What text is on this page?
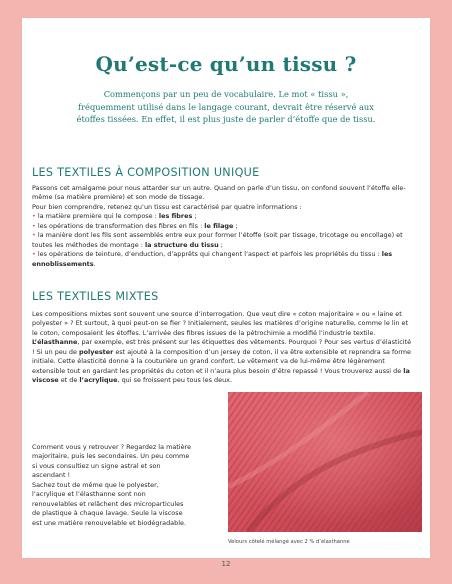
Qu’est-ce qu’un tissu ?
Commençons par un peu de vocabulaire. Le mot « tissu »,
fréquemment utilisé dans le langage courant, devrait être réservé aux
étoffes tissées. En effet, il est plus juste de parler d’étoffe que de tissu.
LES TEXTILES À COMPOSITION UNIQUE

Passons cet amalgame pour nous attarder sur un autre. Quand on parle d’un tissu, on confond souvent l’étoffe elle-même (sa matière première) et son mode de tissage.

Pour bien comprendre, retenez qu’un tissu est caractérisé par quatre informations :

• la matière première qui le compose : les fibres ;

• les opérations de transformation des fibres en fils : le filage ;

• la manière dont les fils sont assemblés entre eux pour former l’étoffe (soit par tissage, tricotage ou encollage) et toutes les méthodes de montage : la structure du tissu ;

• les opérations de teinture, d’enduction, d’apprêts qui changent l’aspect et parfois les propriétés du tissu : les ennoblissements.

LES TEXTILES MIXTES

Les compositions mixtes sont souvent une source d’interrogation. Que veut dire « coton majoritaire » ou « laine et polyester » ? Et surtout, à quoi peut-on se fier ? Initialement, seules les matières d’origine naturelle, comme le lin et le coton, composaient les étoffes. L’arrivée des fibres issues de la pétrochimie a modifié l’industrie textile.

L’élasthanne, par exemple, est très présent sur les étiquettes des vêtements. Pourquoi ? Pour ses vertus d’élasticité ! Si un peu de polyester est ajouté à la composition d’un jersey de coton, il va être extensible et reprendra sa forme initiale. Cette élasticité donne à la couturière un grand confort. Le vêtement va de lui-même être légèrement extensible tout en gardant les propriétés du coton et il n’aura plus besoin d’être repassé ! Vous trouverez aussi de la viscose et de l’acrylique, qui se froissent peu tous les deux.

Comment vous y retrouver ? Regardez la matière majoritaire, puis les secondaires. Un peu comme si vous consultiez un signe astral et son ascendant !

Sachez tout de même que le polyester, l’acrylique et l’élasthanne sont non renouvelables et relâchent des microparticules de plastique à chaque lavage. Seule la viscose est une matière renouvelable et biodégradable.

Velours côtelé mélangé avec 2 % d’élasthanne
12
